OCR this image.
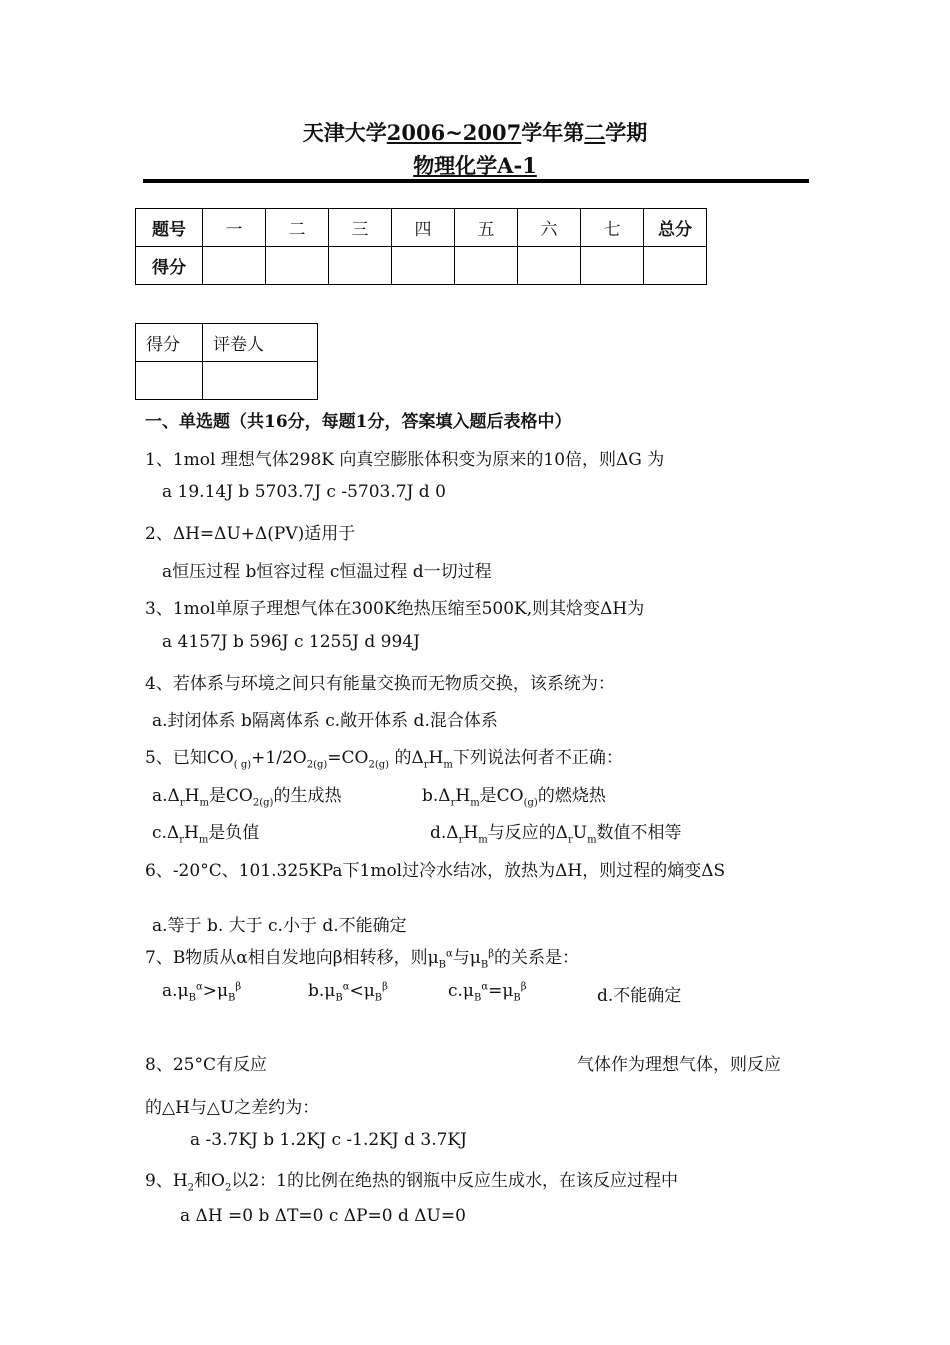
天津大学2006~2007学年第二学期
物理化学A-1
题号	一	二	三	四	五	六	七	总分
得分								
得分	评卷人

一、单选题（共16分，每题1分，答案填入题后表格中）
1、1mol 理想气体298K 向真空膨胀体积变为原来的10倍，则ΔG 为
a 19.14J b 5703.7J c -5703.7J d 0
2、ΔH=ΔU+Δ(PV)适用于
a恒压过程 b恒容过程 c恒温过程 d一切过程
3、1mol单原子理想气体在300K绝热压缩至500K,则其焓变ΔH为
a 4157J b 596J c 1255J d 994J
4、若体系与环境之间只有能量交换而无物质交换，该系统为：
a.封闭体系 b隔离体系 c.敞开体系 d.混合体系
5、已知$CO_{( g)}+1/2O_{2(g)}=CO_{2(g)}$ 的$\Delta_rH_m$下列说法何者不正确：
$a.\Delta_rH_m$是$CO_{2(g)}$的生成热	$b.\Delta_rH_m$是$CO_{(g)}$的燃烧热
$c.\Delta_rH_m$是负值	$d.\Delta_rH_m$与反应的$\Delta_rU_m$数值不相等
6、-20°C、101.325KPa下1mol过冷水结冰，放热为ΔH，则过程的熵变ΔS
a.等于 b. 大于 c.小于 d.不能确定
7、B物质从α相自发地向β相转移，则$\mu_B^\alpha$与$\mu_B^\beta$的关系是：
$a.\mu_B^\alpha>\mu_B^\beta$	$b.\mu_B^\alpha<\mu_B^\beta$	$c.\mu_B^\alpha=\mu_B^\beta$	d.不能确定
8、25°C有反应	气体作为理想气体，则反应
的△H与△U之差约为：
a -3.7KJ b 1.2KJ c -1.2KJ d 3.7KJ
9、$H_2$和$O_2$以2：1的比例在绝热的钢瓶中反应生成水，在该反应过程中
a ΔH =0 b ΔT=0 c ΔP=0 d ΔU=0
